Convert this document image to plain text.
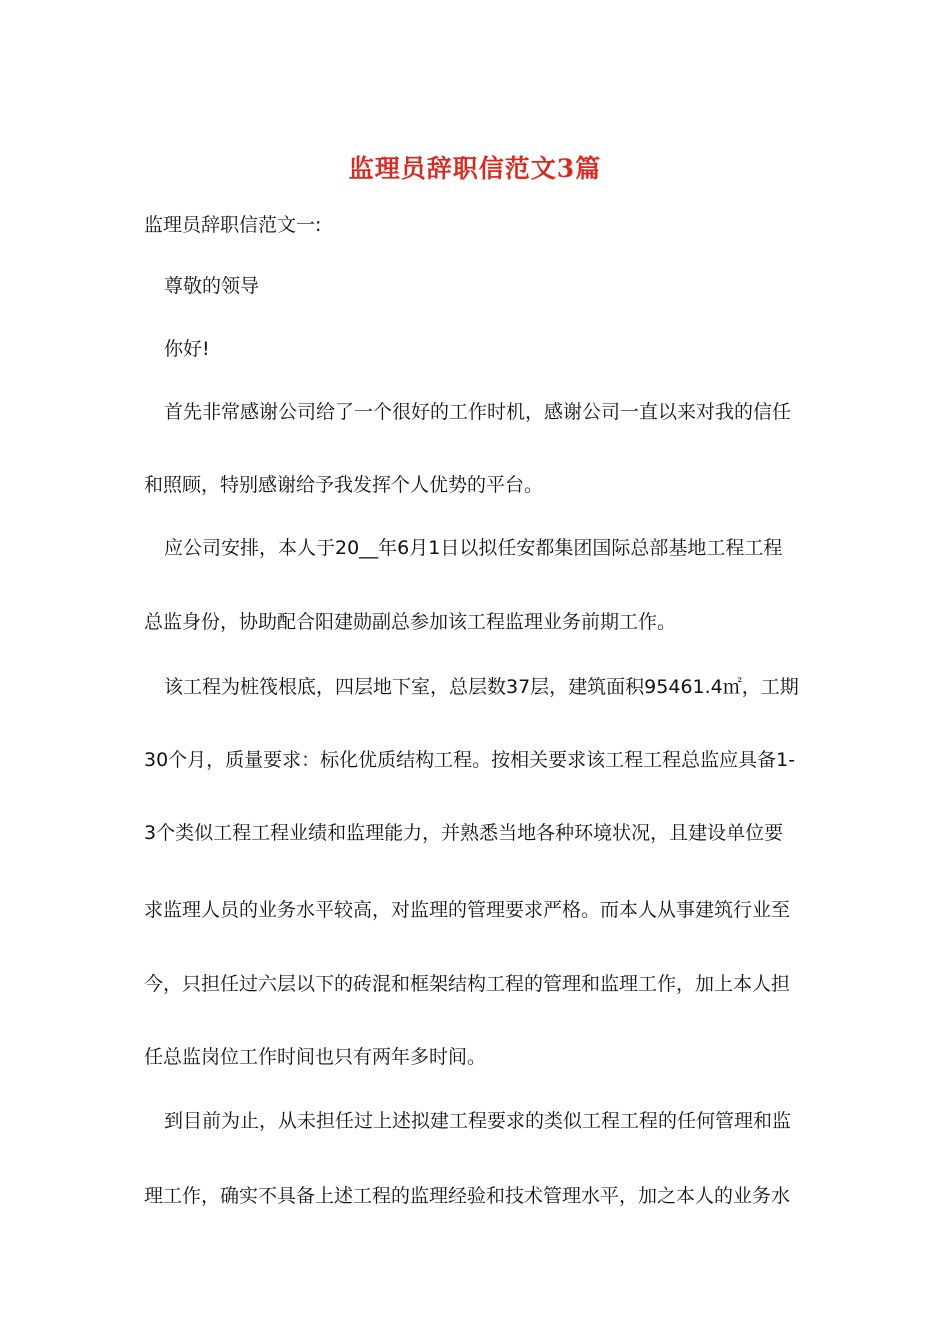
监理员辞职信范文3篇
监理员辞职信范文一:
尊敬的领导
你好!
首先非常感谢公司给了一个很好的工作时机，感谢公司一直以来对我的信任
和照顾，特别感谢给予我发挥个人优势的平台。
应公司安排，本人于20__年6月1日以拟任安都集团国际总部基地工程工程
总监身份，协助配合阳建勋副总参加该工程监理业务前期工作。
该工程为桩筏根底，四层地下室，总层数37层，建筑面积95461.4㎡，工期
30个月，质量要求：标化优质结构工程。按相关要求该工程工程总监应具备1-
3个类似工程工程业绩和监理能力，并熟悉当地各种环境状况，且建设单位要
求监理人员的业务水平较高，对监理的管理要求严格。而本人从事建筑行业至
今，只担任过六层以下的砖混和框架结构工程的管理和监理工作，加上本人担
任总监岗位工作时间也只有两年多时间。
到目前为止，从未担任过上述拟建工程要求的类似工程工程的任何管理和监
理工作，确实不具备上述工程的监理经验和技术管理水平，加之本人的业务水
